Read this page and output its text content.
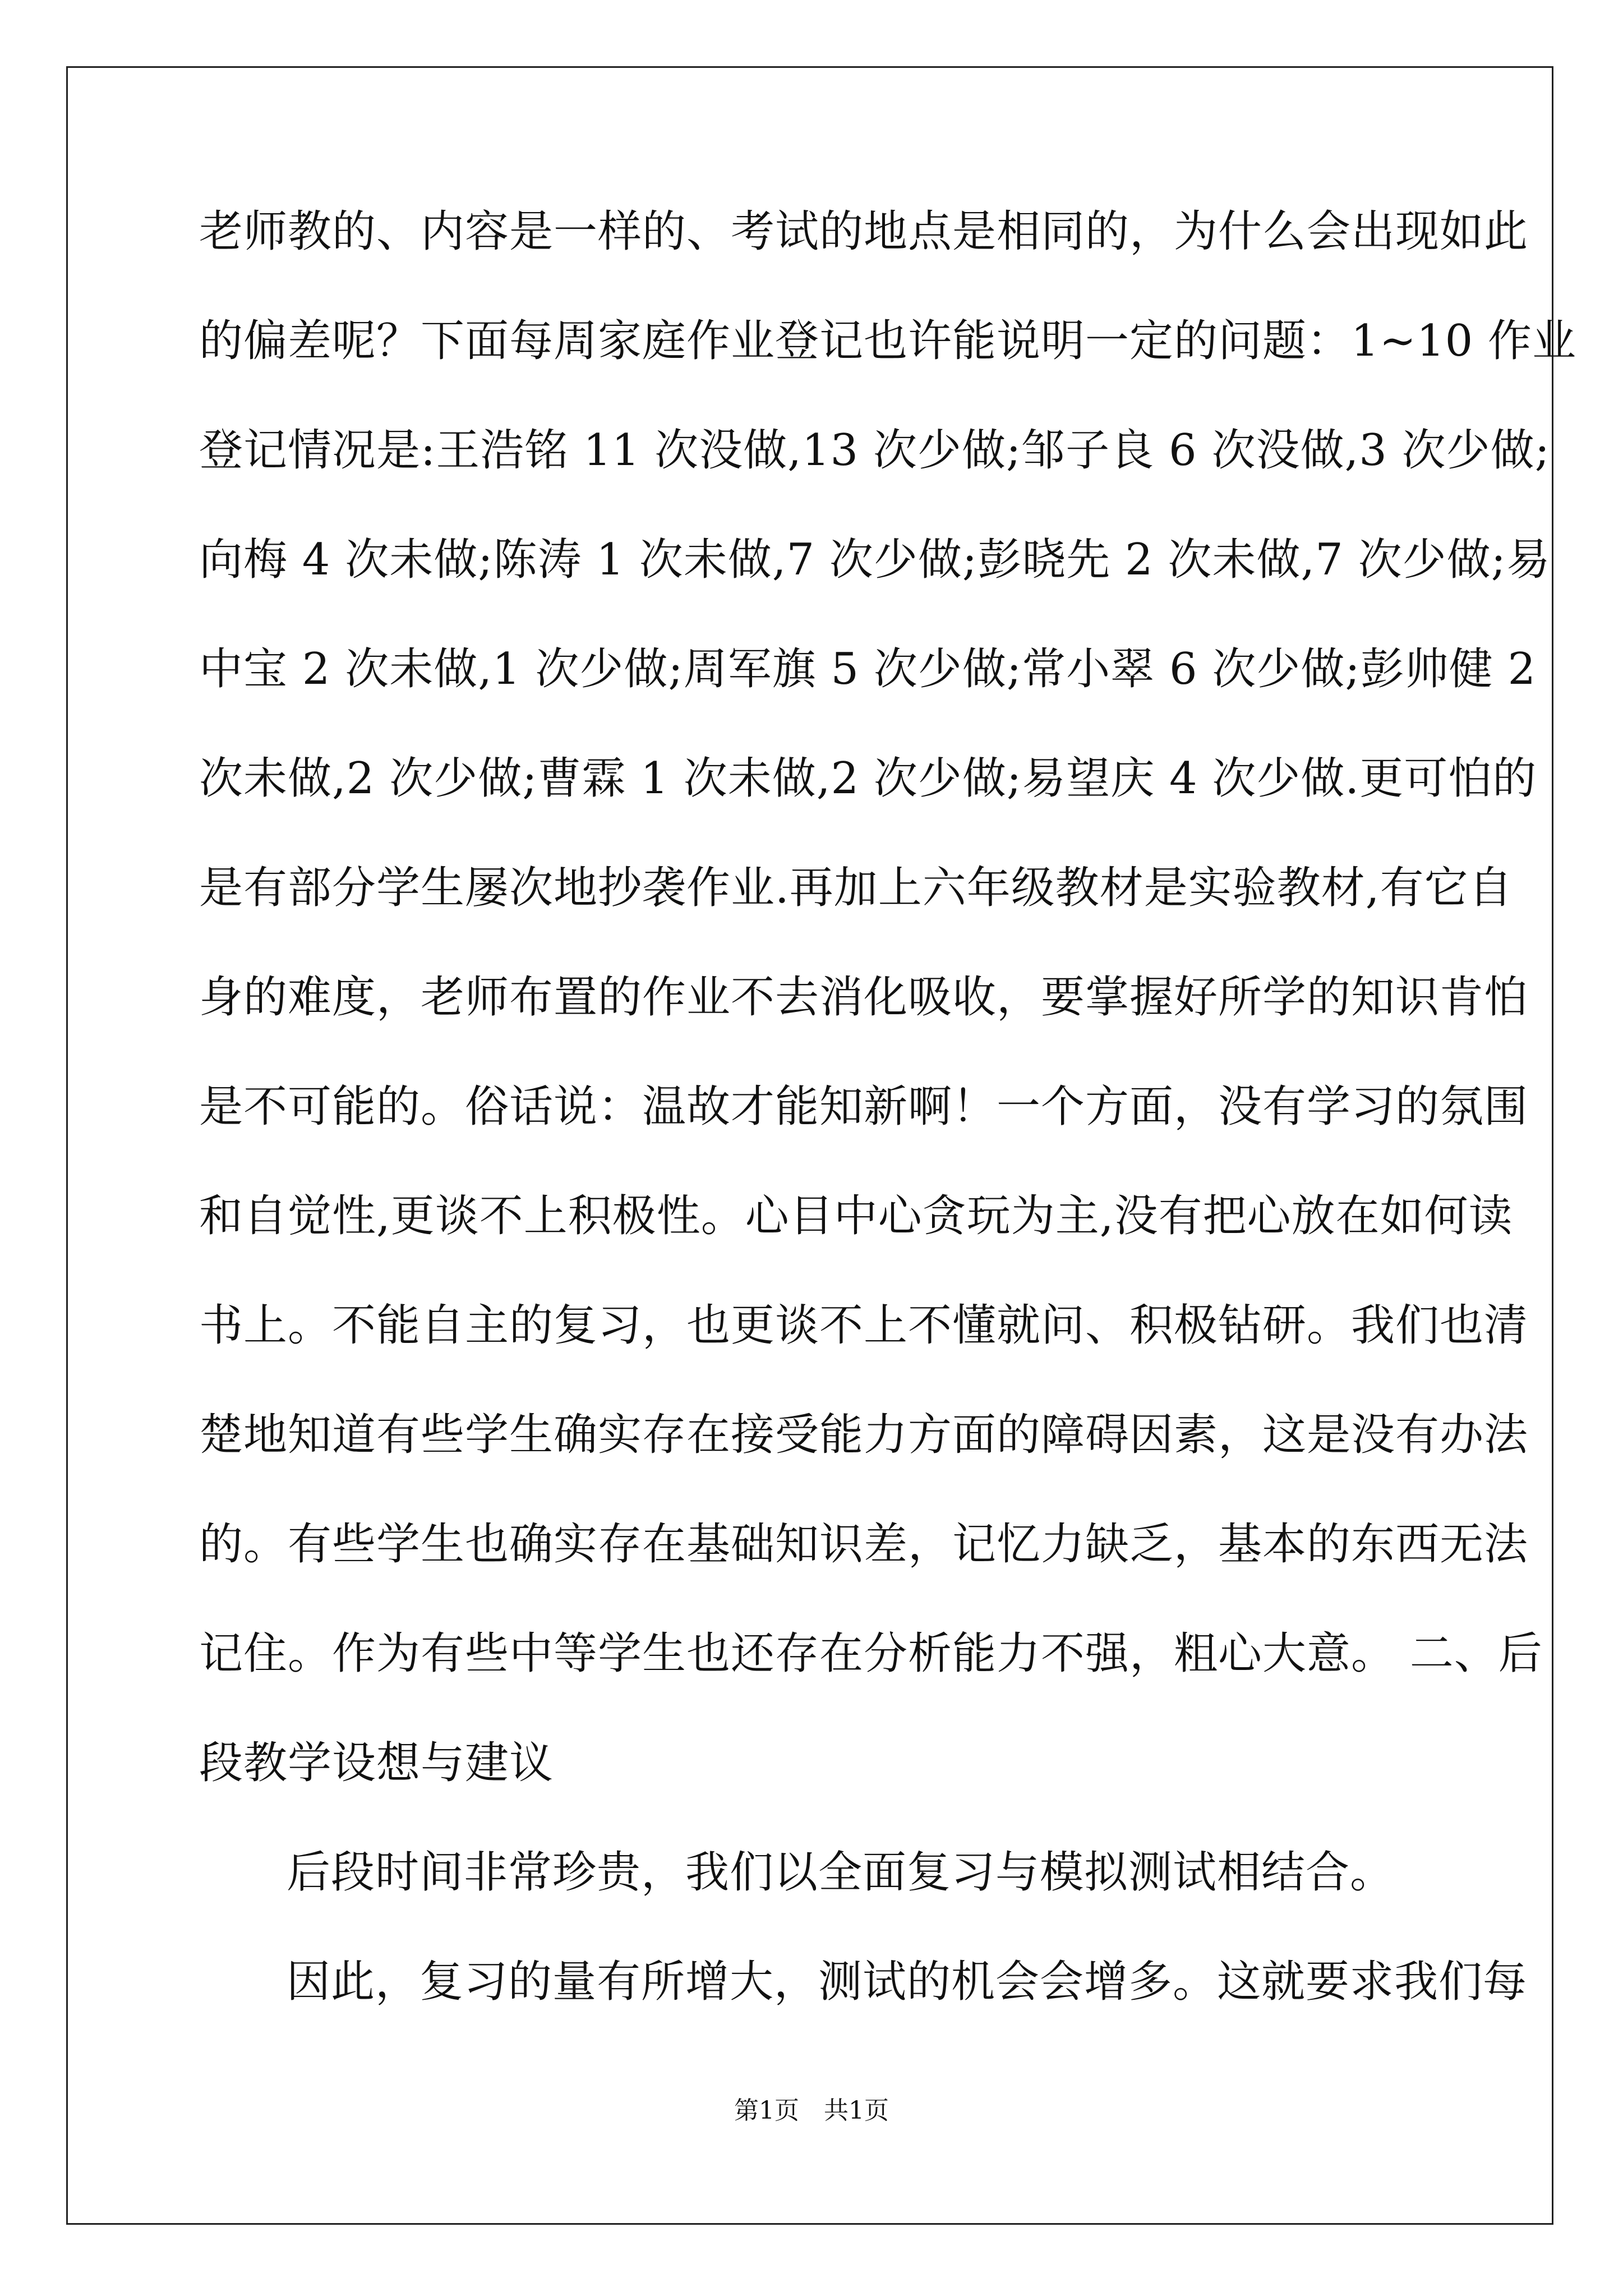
老师教的、内容是一样的、考试的地点是相同的，为什么会出现如此
的偏差呢？下面每周家庭作业登记也许能说明一定的问题：1~10 作业
登记情况是:王浩铭 11 次没做,13 次少做;邹子良 6 次没做,3 次少做;
向梅 4 次未做;陈涛 1 次未做,7 次少做;彭晓先 2 次未做,7 次少做;易
中宝 2 次未做,1 次少做;周军旗 5 次少做;常小翠 6 次少做;彭帅健 2
次未做,2 次少做;曹霖 1 次未做,2 次少做;易望庆 4 次少做.更可怕的
是有部分学生屡次地抄袭作业.再加上六年级教材是实验教材,有它自
身的难度，老师布置的作业不去消化吸收，要掌握好所学的知识肯怕
是不可能的。俗话说：温故才能知新啊！一个方面，没有学习的氛围
和自觉性,更谈不上积极性。心目中心贪玩为主,没有把心放在如何读
书上。不能自主的复习，也更谈不上不懂就问、积极钻研。我们也清
楚地知道有些学生确实存在接受能力方面的障碍因素，这是没有办法
的。有些学生也确实存在基础知识差，记忆力缺乏，基本的东西无法
记住。作为有些中等学生也还存在分析能力不强，粗心大意。 二、后
段教学设想与建议
后段时间非常珍贵，我们以全面复习与模拟测试相结合。
因此，复习的量有所增大，测试的机会会增多。这就要求我们每
第1页　共1页
